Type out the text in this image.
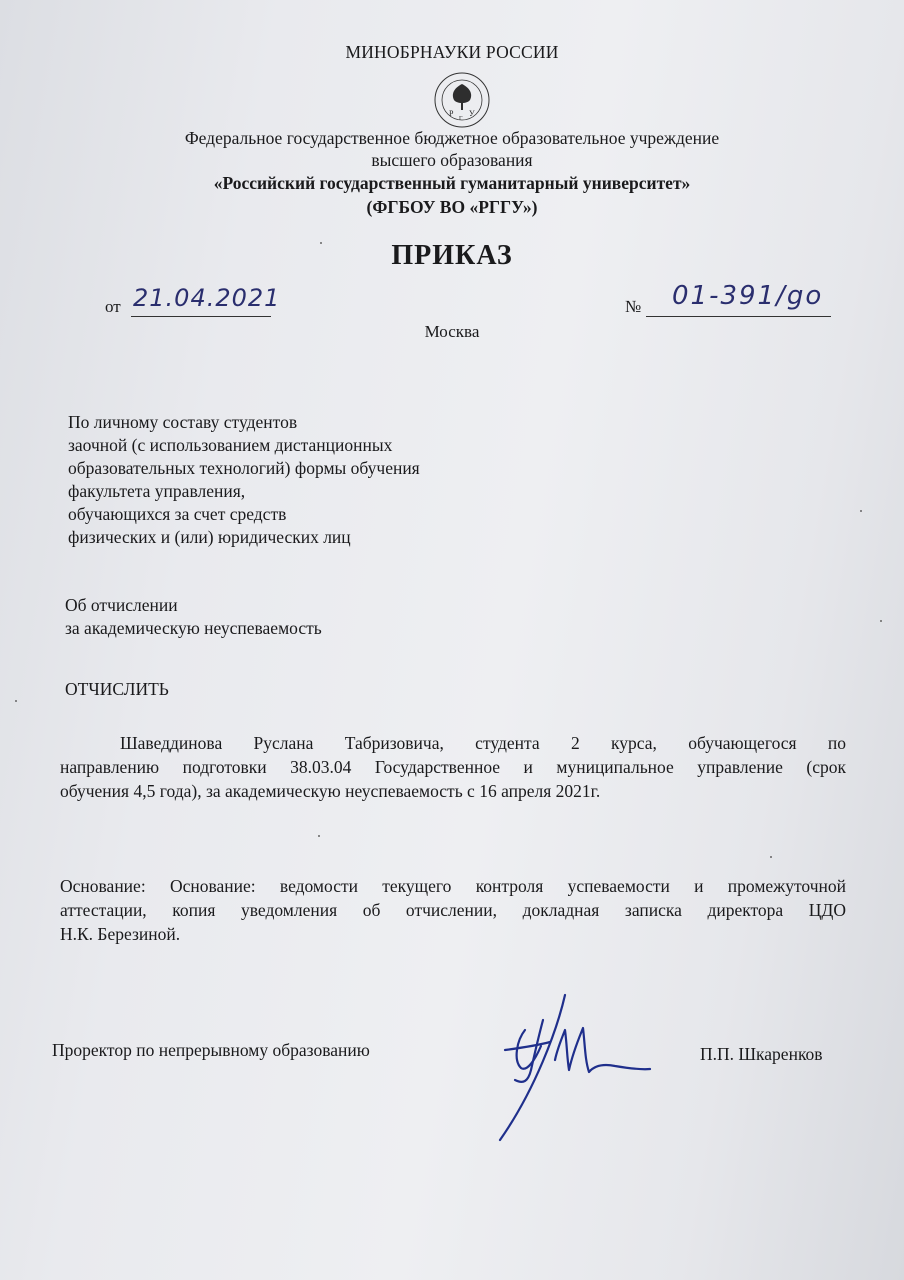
МИНОБРНАУКИ РОССИИ
Р У
Г
Федеральное государственное бюджетное образовательное учреждение
высшего образования
«Российский государственный гуманитарный университет»
(ФГБОУ ВО «РГГУ»)
ПРИКАЗ
от 21.04.2021	№ 01-391/go
Москва
По личному составу студентов
заочной (с использованием дистанционных
образовательных технологий) формы обучения
факультета управления,
обучающихся за счет средств
физических и (или) юридических лиц
Об отчислении
за академическую неуспеваемость
ОТЧИСЛИТЬ
Шаведдинова Руслана Табризовича, студента 2 курса, обучающегося по
направлению подготовки 38.03.04 Государственное и муниципальное управление (срок
обучения 4,5 года), за академическую неуспеваемость с 16 апреля 2021г.
Основание: Основание: ведомости текущего контроля успеваемости и промежуточной
аттестации, копия уведомления об отчислении, докладная записка директора ЦДО
Н.К. Березиной.
Проректор по непрерывному образованию	П.П. Шкаренков
